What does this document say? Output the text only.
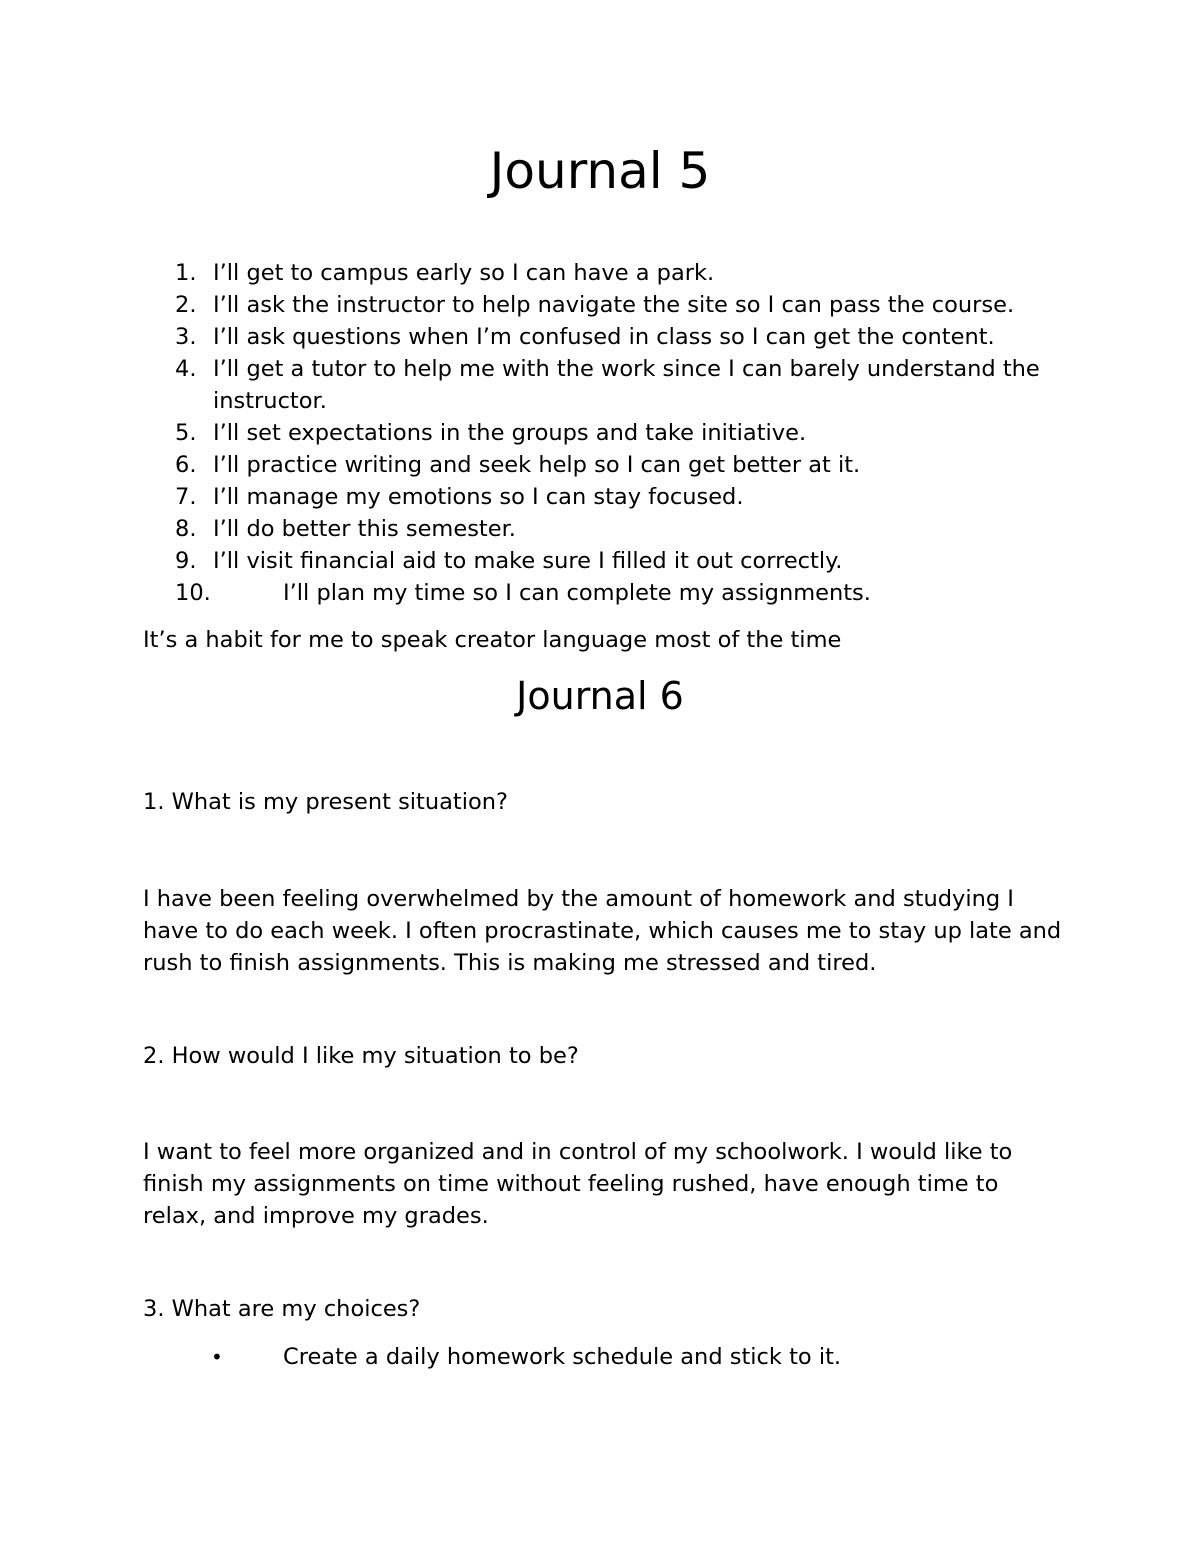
Journal 5
1. I’ll get to campus early so I can have a park.
2. I’ll ask the instructor to help navigate the site so I can pass the course.
3. I’ll ask questions when I’m confused in class so I can get the content.
4. I’ll get a tutor to help me with the work since I can barely understand the instructor.
5. I’ll set expectations in the groups and take initiative.
6. I’ll practice writing and seek help so I can get better at it.
7. I’ll manage my emotions so I can stay focused.
8. I’ll do better this semester.
9. I’ll visit financial aid to make sure I filled it out correctly.
10.	I’ll plan my time so I can complete my assignments.

It’s a habit for me to speak creator language most of the time

Journal 6

1. What is my present situation?

I have been feeling overwhelmed by the amount of homework and studying I have to do each week. I often procrastinate, which causes me to stay up late and rush to finish assignments. This is making me stressed and tired.

2. How would I like my situation to be?

I want to feel more organized and in control of my schoolwork. I would like to finish my assignments on time without feeling rushed, have enough time to relax, and improve my grades.

3. What are my choices?

•	Create a daily homework schedule and stick to it.
